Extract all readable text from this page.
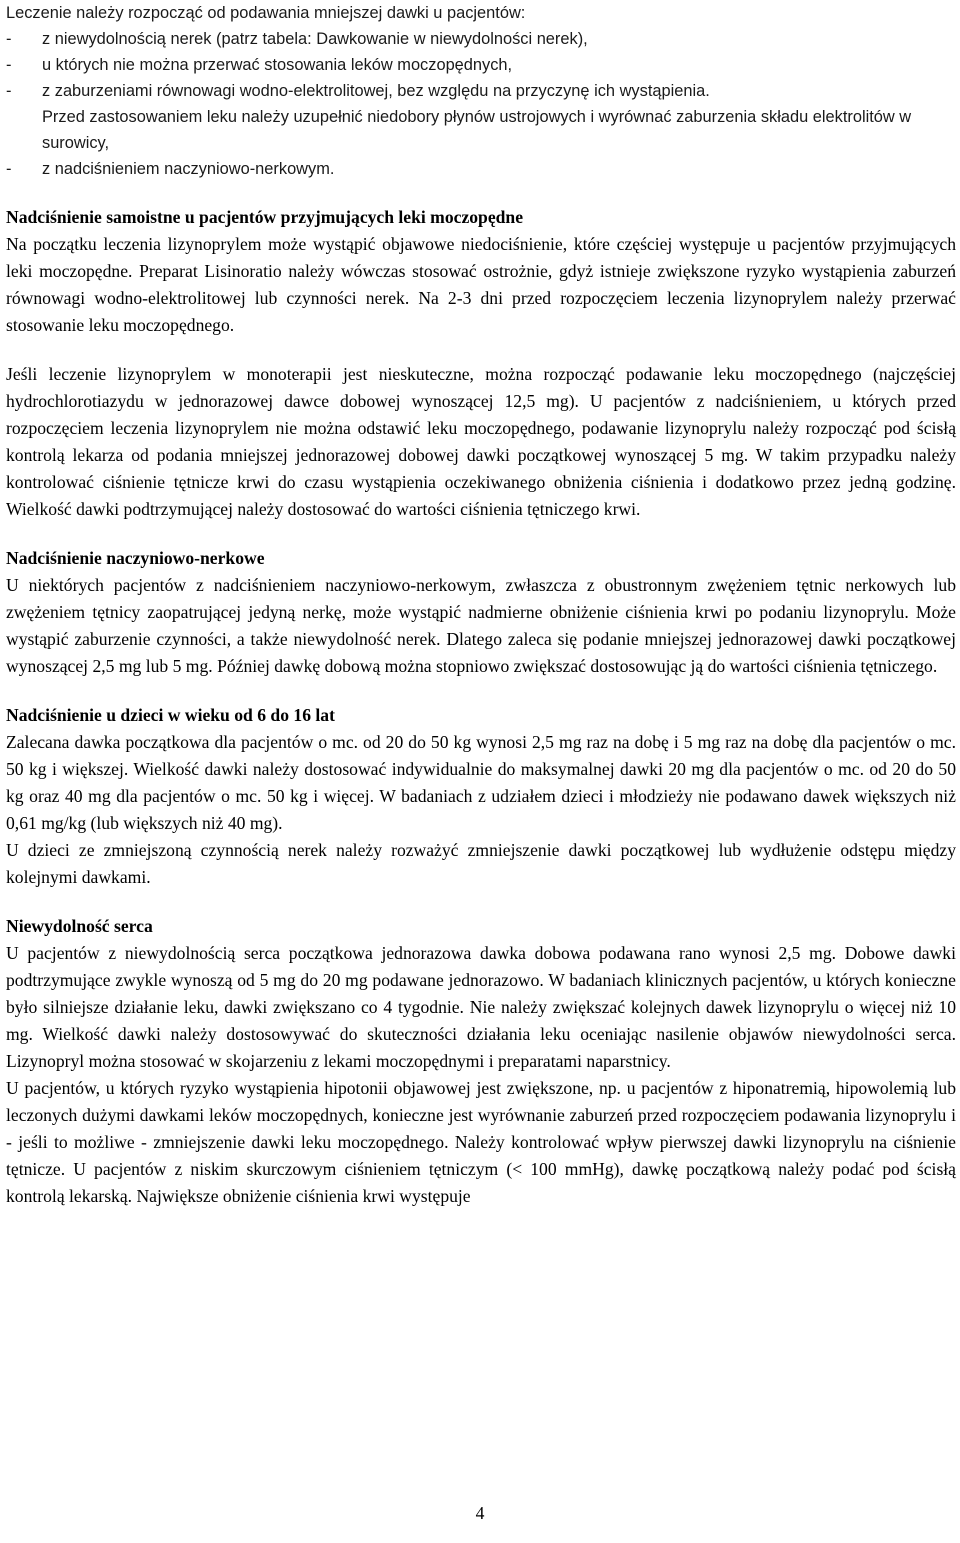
Leczenie należy rozpocząć od podawania mniejszej dawki u pacjentów:
-	z niewydolnością nerek (patrz tabela: Dawkowanie w niewydolności nerek),
-	u których nie można przerwać stosowania leków moczopędnych,
-	z zaburzeniami równowagi wodno-elektrolitowej, bez względu na przyczynę ich wystąpienia.
Przed zastosowaniem leku należy uzupełnić niedobory płynów ustrojowych i wyrównać zaburzenia składu elektrolitów w surowicy,
-	z nadciśnieniem naczyniowo-nerkowym.
Nadciśnienie samoistne u pacjentów przyjmujących leki moczopędne

Na początku leczenia lizynoprylem może wystąpić objawowe niedociśnienie, które częściej występuje u pacjentów przyjmujących leki moczopędne. Preparat Lisinoratio należy wówczas stosować ostrożnie, gdyż istnieje zwiększone ryzyko wystąpienia zaburzeń równowagi wodno-elektrolitowej lub czynności nerek. Na 2-3 dni przed rozpoczęciem leczenia lizynoprylem należy przerwać stosowanie leku moczopędnego.

Jeśli leczenie lizynoprylem w monoterapii jest nieskuteczne, można rozpocząć podawanie leku moczopędnego (najczęściej hydrochlorotiazydu w jednorazowej dawce dobowej wynoszącej 12,5 mg). U pacjentów z nadciśnieniem, u których przed rozpoczęciem leczenia lizynoprylem nie można odstawić leku moczopędnego, podawanie lizynoprylu należy rozpocząć pod ścisłą kontrolą lekarza od podania mniejszej jednorazowej dobowej dawki początkowej wynoszącej 5 mg. W takim przypadku należy kontrolować ciśnienie tętnicze krwi do czasu wystąpienia oczekiwanego obniżenia ciśnienia i dodatkowo przez jedną godzinę. Wielkość dawki podtrzymującej należy dostosować do wartości ciśnienia tętniczego krwi.

Nadciśnienie naczyniowo-nerkowe

U niektórych pacjentów z nadciśnieniem naczyniowo-nerkowym, zwłaszcza z obustronnym zwężeniem tętnic nerkowych lub zwężeniem tętnicy zaopatrującej jedyną nerkę, może wystąpić nadmierne obniżenie ciśnienia krwi po podaniu lizynoprylu. Może wystąpić zaburzenie czynności, a także niewydolność nerek. Dlatego zaleca się podanie mniejszej jednorazowej dawki początkowej wynoszącej 2,5 mg lub 5 mg. Później dawkę dobową można stopniowo zwiększać dostosowując ją do wartości ciśnienia tętniczego.

Nadciśnienie u dzieci w wieku od 6 do 16 lat

Zalecana dawka początkowa dla pacjentów o mc. od 20 do 50 kg wynosi 2,5 mg raz na dobę i 5 mg raz na dobę dla pacjentów o mc. 50 kg i większej. Wielkość dawki należy dostosować indywidualnie do maksymalnej dawki 20 mg dla pacjentów o mc. od 20 do 50 kg oraz 40 mg dla pacjentów o mc. 50 kg i więcej. W badaniach z udziałem dzieci i młodzieży nie podawano dawek większych niż 0,61 mg/kg (lub większych niż 40 mg).

U dzieci ze zmniejszoną czynnością nerek należy rozważyć zmniejszenie dawki początkowej lub wydłużenie odstępu między kolejnymi dawkami.

Niewydolność serca

U pacjentów z niewydolnością serca początkowa jednorazowa dawka dobowa podawana rano wynosi 2,5 mg. Dobowe dawki podtrzymujące zwykle wynoszą od 5 mg do 20 mg podawane jednorazowo. W badaniach klinicznych pacjentów, u których konieczne było silniejsze działanie leku, dawki zwiększano co 4 tygodnie. Nie należy zwiększać kolejnych dawek lizynoprylu o więcej niż 10 mg. Wielkość dawki należy dostosowywać do skuteczności działania leku oceniając nasilenie objawów niewydolności serca. Lizynopryl można stosować w skojarzeniu z lekami moczopędnymi i preparatami naparstnicy.

U pacjentów, u których ryzyko wystąpienia hipotonii objawowej jest zwiększone, np. u pacjentów z hiponatremią, hipowolemią lub leczonych dużymi dawkami leków moczopędnych, konieczne jest wyrównanie zaburzeń przed rozpoczęciem podawania lizynoprylu i - jeśli to możliwe - zmniejszenie dawki leku moczopędnego. Należy kontrolować wpływ pierwszej dawki lizynoprylu na ciśnienie tętnicze. U pacjentów z niskim skurczowym ciśnieniem tętniczym (< 100 mmHg), dawkę początkową należy podać pod ścisłą kontrolą lekarską. Największe obniżenie ciśnienia krwi występuje

4
